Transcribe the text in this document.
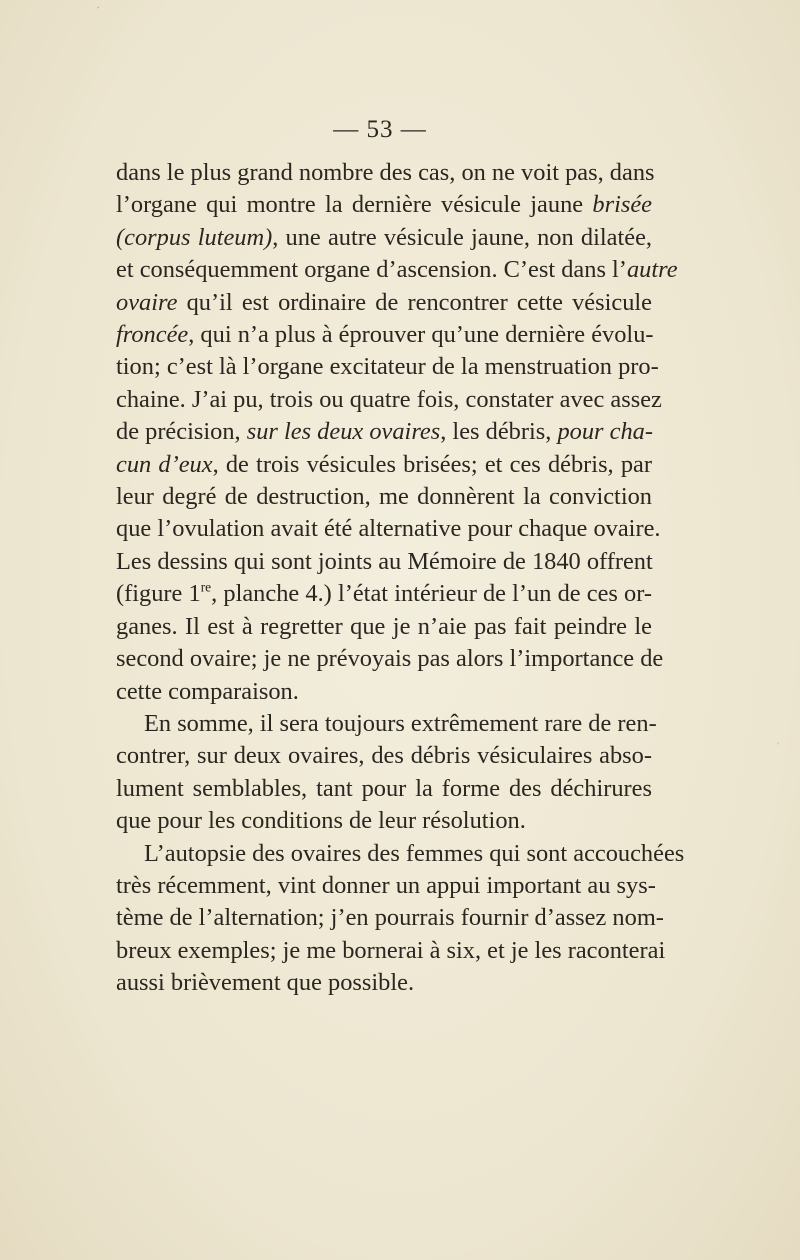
— 53 —
dans le plus grand nombre des cas, on ne voit pas, dans
l’organe qui montre la dernière vésicule jaune brisée
(corpus luteum), une autre vésicule jaune, non dilatée,
et conséquemment organe d’ascension. C’est dans l’autre
ovaire qu’il est ordinaire de rencontrer cette vésicule
froncée, qui n’a plus à éprouver qu’une dernière évolu-
tion; c’est là l’organe excitateur de la menstruation pro-
chaine. J’ai pu, trois ou quatre fois, constater avec assez
de précision, sur les deux ovaires, les débris, pour cha-
cun d’eux, de trois vésicules brisées; et ces débris, par
leur degré de destruction, me donnèrent la conviction
que l’ovulation avait été alternative pour chaque ovaire.
Les dessins qui sont joints au Mémoire de 1840 offrent
(figure 1re, planche 4.) l’état intérieur de l’un de ces or-
ganes. Il est à regretter que je n’aie pas fait peindre le
second ovaire; je ne prévoyais pas alors l’importance de
cette comparaison.
En somme, il sera toujours extrêmement rare de ren-
contrer, sur deux ovaires, des débris vésiculaires abso-
lument semblables, tant pour la forme des déchirures
que pour les conditions de leur résolution.
L’autopsie des ovaires des femmes qui sont accouchées
très récemment, vint donner un appui important au sys-
tème de l’alternation; j’en pourrais fournir d’assez nom-
breux exemples; je me bornerai à six, et je les raconterai
aussi brièvement que possible.
ˊ
ˈ
